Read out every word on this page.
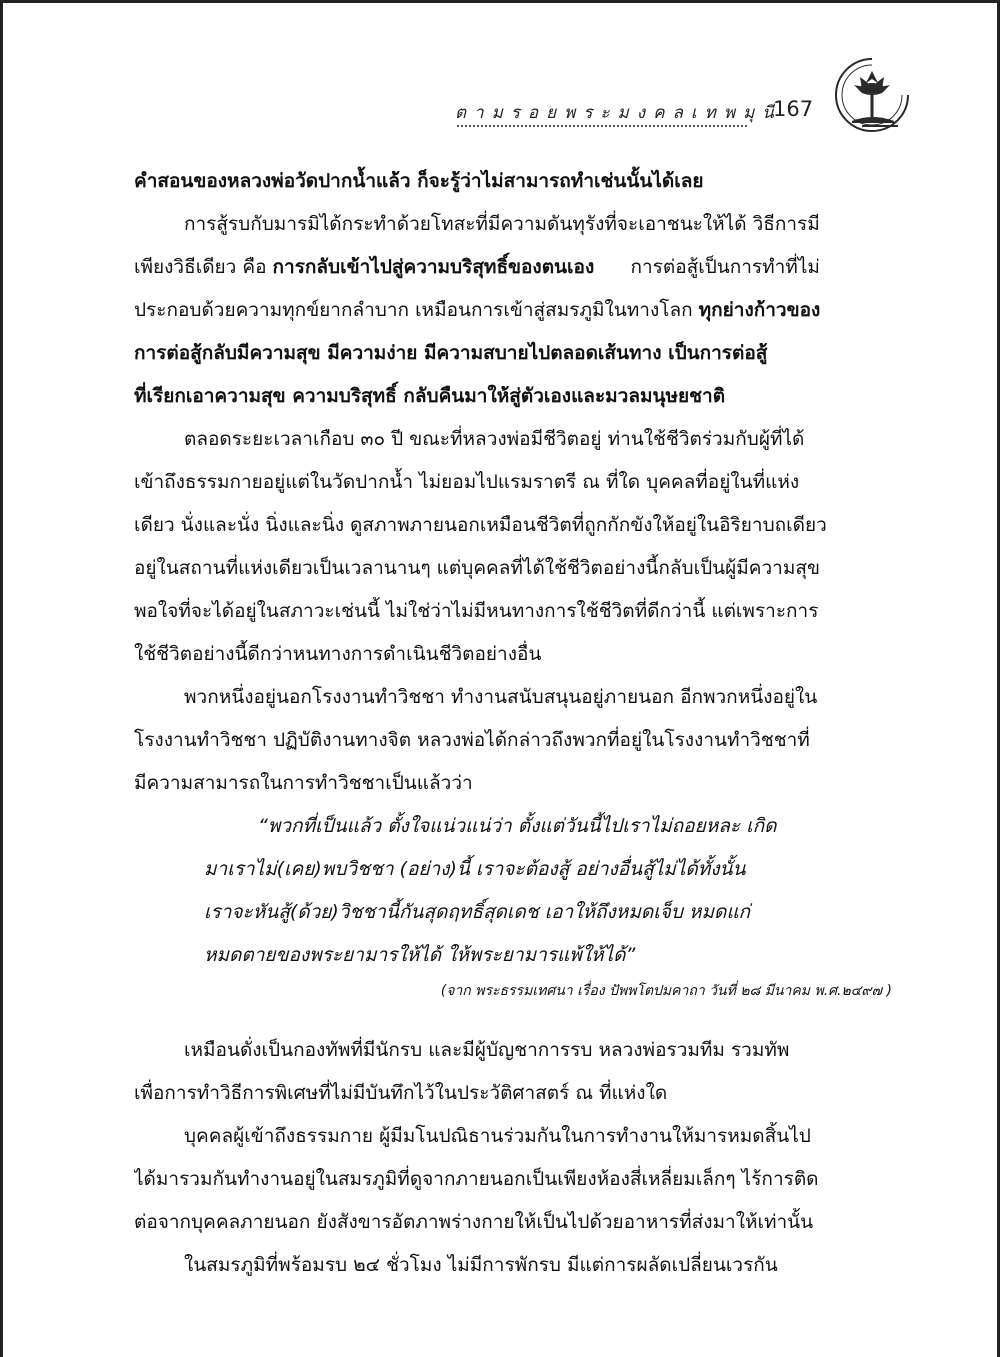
ตามรอยพระมงคลเทพมุนี
167
คำสอนของหลวงพ่อวัดปากน้ำแล้ว ก็จะรู้ว่าไม่สามารถทำเช่นนั้นได้เลย
การสู้รบกับมารมิได้กระทำด้วยโทสะที่มีความดันทุรังที่จะเอาชนะให้ได้ วิธีการมี
เพียงวิธีเดียว คือ การกลับเข้าไปสู่ความบริสุทธิ์ของตนเอง      การต่อสู้เป็นการทำที่ไม่
ประกอบด้วยความทุกข์ยากลำบาก เหมือนการเข้าสู่สมรภูมิในทางโลก ทุกย่างก้าวของ
การต่อสู้กลับมีความสุข มีความง่าย มีความสบายไปตลอดเส้นทาง เป็นการต่อสู้
ที่เรียกเอาความสุข ความบริสุทธิ์ กลับคืนมาให้สู่ตัวเองและมวลมนุษยชาติ
ตลอดระยะเวลาเกือบ ๓๐ ปี ขณะที่หลวงพ่อมีชีวิตอยู่ ท่านใช้ชีวิตร่วมกับผู้ที่ได้
เข้าถึงธรรมกายอยู่แต่ในวัดปากน้ำ ไม่ยอมไปแรมราตรี ณ ที่ใด บุคคลที่อยู่ในที่แห่ง
เดียว นั่งและนั่ง นิ่งและนิ่ง ดูสภาพภายนอกเหมือนชีวิตที่ถูกกักขังให้อยู่ในอิริยาบถเดียว
อยู่ในสถานที่แห่งเดียวเป็นเวลานานๆ แต่บุคคลที่ได้ใช้ชีวิตอย่างนี้กลับเป็นผู้มีความสุข
พอใจที่จะได้อยู่ในสภาวะเช่นนี้ ไม่ใช่ว่าไม่มีหนทางการใช้ชีวิตที่ดีกว่านี้ แต่เพราะการ
ใช้ชีวิตอย่างนี้ดีกว่าหนทางการดำเนินชีวิตอย่างอื่น
พวกหนึ่งอยู่นอกโรงงานทำวิชชา ทำงานสนับสนุนอยู่ภายนอก อีกพวกหนึ่งอยู่ใน
โรงงานทำวิชชา ปฏิบัติงานทางจิต หลวงพ่อได้กล่าวถึงพวกที่อยู่ในโรงงานทำวิชชาที่
มีความสามารถในการทำวิชชาเป็นแล้วว่า
“พวกที่เป็นแล้ว ตั้งใจแน่วแน่ว่า ตั้งแต่วันนี้ไปเราไม่ถอยหละ เกิด
มาเราไม่(เคย)พบวิชชา (อย่าง)นี้ เราจะต้องสู้ อย่างอื่นสู้ไม่ได้ทั้งนั้น
เราจะหันสู้(ด้วย)วิชชานี้กันสุดฤทธิ์สุดเดช เอาให้ถึงหมดเจ็บ หมดแก่
หมดตายของพระยามารให้ได้ ให้พระยามารแพ้ให้ได้”
(จาก พระธรรมเทศนา เรื่อง ปัพพโตปมคาถา วันที่ ๒๘ มีนาคม พ.ศ.๒๔๙๗ )
เหมือนดั่งเป็นกองทัพที่มีนักรบ และมีผู้บัญชาการรบ หลวงพ่อรวมทีม รวมทัพ
เพื่อการทำวิธีการพิเศษที่ไม่มีบันทึกไว้ในประวัติศาสตร์ ณ ที่แห่งใด
บุคคลผู้เข้าถึงธรรมกาย ผู้มีมโนปณิธานร่วมกันในการทำงานให้มารหมดสิ้นไป
ได้มารวมกันทำงานอยู่ในสมรภูมิที่ดูจากภายนอกเป็นเพียงห้องสี่เหลี่ยมเล็กๆ ไร้การติด
ต่อจากบุคคลภายนอก ยังสังขารอัตภาพร่างกายให้เป็นไปด้วยอาหารที่ส่งมาให้เท่านั้น
ในสมรภูมิที่พร้อมรบ ๒๔ ชั่วโมง ไม่มีการพักรบ มีแต่การผลัดเปลี่ยนเวรกัน
